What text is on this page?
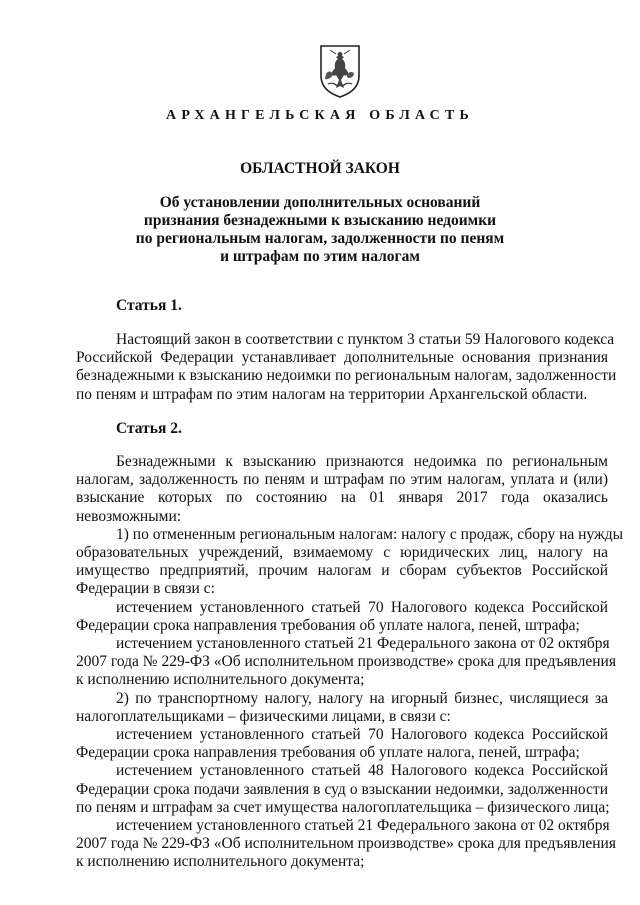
АРХАНГЕЛЬСКАЯ ОБЛАСТЬ
ОБЛАСТНОЙ ЗАКОН
Об установлении дополнительных оснований
признания безнадежными к взысканию недоимки
по региональным налогам, задолженности по пеням
и штрафам по этим налогам
Статья 1.
Настоящий закон в соответствии с пунктом 3 статьи 59 Налогового кодекса
Российской Федерации устанавливает дополнительные основания признания
безнадежными к взысканию недоимки по региональным налогам, задолженности
по пеням и штрафам по этим налогам на территории Архангельской области.
Статья 2.
Безнадежными к взысканию признаются недоимка по региональным
налогам, задолженность по пеням и штрафам по этим налогам, уплата и (или)
взыскание которых по состоянию на 01 января 2017 года оказались
невозможными:
1) по отмененным региональным налогам: налогу с продаж, сбору на нужды
образовательных учреждений, взимаемому с юридических лиц, налогу на
имущество предприятий, прочим налогам и сборам субъектов Российской
Федерации в связи с:
истечением установленного статьей 70 Налогового кодекса Российской
Федерации срока направления требования об уплате налога, пеней, штрафа;
истечением установленного статьей 21 Федерального закона от 02 октября
2007 года № 229-ФЗ «Об исполнительном производстве» срока для предъявления
к исполнению исполнительного документа;
2) по транспортному налогу, налогу на игорный бизнес, числящиеся за
налогоплательщиками – физическими лицами, в связи с:
истечением установленного статьей 70 Налогового кодекса Российской
Федерации срока направления требования об уплате налога, пеней, штрафа;
истечением установленного статьей 48 Налогового кодекса Российской
Федерации срока подачи заявления в суд о взыскании недоимки, задолженности
по пеням и штрафам за счет имущества налогоплательщика – физического лица;
истечением установленного статьей 21 Федерального закона от 02 октября
2007 года № 229-ФЗ «Об исполнительном производстве» срока для предъявления
к исполнению исполнительного документа;
